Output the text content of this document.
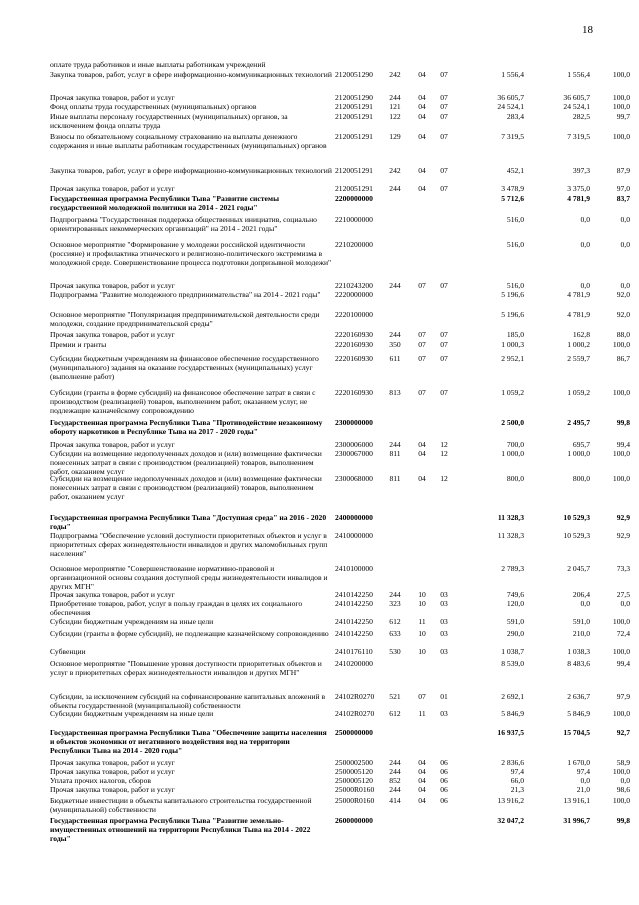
18
оплате труда работников и иные выплаты работникам учреждений
Закупка товаров, работ, услуг в сфере информационно-коммуникационных технологий 2120051290	242	04	07	1 556,4	1 556,4	100,0
Прочая закупка товаров, работ и услуг	2120051290	244	04	07	36 605,7	36 605,7	100,0
Фонд оплаты труда государственных (муниципальных) органов	2120051291	121	04	07	24 524,1	24 524,1	100,0
Иные выплаты персоналу государственных (муниципальных) органов, за исключением фонда оплаты труда
2120051291	122	04	07	283,4	282,5	99,7
Взносы по обязательному социальному страхованию на выплаты денежного содержания и иные выплаты работникам государственных (муниципальных) органов
2120051291	129	04	07	7 319,5	7 319,5	100,0
Закупка товаров, работ, услуг в сфере информационно-коммуникационных технологий 2120051291	242	04	07	452,1	397,3	87,9
Прочая закупка товаров, работ и услуг	2120051291	244	04	07	3 478,9	3 375,0	97,0
Государственная программа Республики Тыва "Развитие системы государственной молодежной политики на 2014 - 2021 годы"
2200000000	5 712,6	4 781,9	83,7
Подпрограмма "Государственная поддержка общественных инициатив, социально ориентированных некоммерческих организаций" на 2014 - 2021 годы"
2210000000	516,0	0,0	0,0
Основное мероприятие "Формирование у молодежи российской идентичности (россияне) и профилактика этнического и религиозно-политического экстремизма в молодежной среде. Совершенствование процесса подготовки допризывной молодежи"
2210200000	516,0	0,0	0,0
Прочая закупка товаров, работ и услуг	2210243200	244	07	07	516,0	0,0	0,0
Подпрограмма "Развитие молодежного предпринимательства" на 2014 - 2021 годы"	2220000000	5 196,6	4 781,9	92,0
Основное мероприятие "Популяризация предпринимательской деятельности среди молодежи, создание предпринимательской среды"
2220100000	5 196,6	4 781,9	92,0
Прочая закупка товаров, работ и услуг	2220160930	244	07	07	185,0	162,8	88,0
Премии и гранты	2220160930	350	07	07	1 000,3	1 000,2	100,0
Субсидии бюджетным учреждениям на финансовое обеспечение государственного (муниципального) задания на оказание государственных (муниципальных) услуг (выполнение работ)
2220160930	611	07	07	2 952,1	2 559,7	86,7
Субсидии (гранты в форме субсидий) на финансовое обеспечение затрат в связи с производством (реализацией) товаров, выполнением работ, оказанием услуг, не подлежащие казначейскому сопровождению
2220160930	813	07	07	1 059,2	1 059,2	100,0
Государственная программа Республики Тыва "Противодействие незаконному обороту наркотиков в Республике Тыва на 2017 - 2020 годы"
2300000000	2 500,0	2 495,7	99,8
Прочая закупка товаров, работ и услуг	2300006000	244	04	12	700,0	695,7	99,4
Субсидии на возмещение недополученных доходов и (или) возмещение фактически понесенных затрат в связи с производством (реализацией) товаров, выполнением работ, оказанием услуг
2300067000	811	04	12	1 000,0	1 000,0	100,0
Субсидии на возмещение недополученных доходов и (или) возмещение фактически понесенных затрат в связи с производством (реализацией) товаров, выполнением работ, оказанием услуг
2300068000	811	04	12	800,0	800,0	100,0
Государственная программа Республики Тыва "Доступная среда" на 2016 - 2020 годы"
2400000000	11 328,3	10 529,3	92,9
Подпрограмма "Обеспечение условий доступности приоритетных объектов и услуг в приоритетных сферах жизнедеятельности инвалидов и других маломобильных групп населения"
2410000000	11 328,3	10 529,3	92,9
Основное мероприятие "Совершенствование нормативно-правовой и организационной основы создания доступной среды жизнедеятельности инвалидов и других МГН"
2410100000	2 789,3	2 045,7	73,3
Прочая закупка товаров, работ и услуг	2410142250	244	10	03	749,6	206,4	27,5
Приобретение товаров, работ, услуг в пользу граждан в целях их социального обеспечения
2410142250	323	10	03	120,0	0,0	0,0
Субсидии бюджетным учреждениям на иные цели	2410142250	612	11	03	591,0	591,0	100,0
Субсидии (гранты в форме субсидий), не подлежащие казначейскому сопровождению 2410142250	633	10	03	290,0	210,0	72,4
Субвенции	2410176110	530	10	03	1 038,7	1 038,3	100,0
Основное мероприятие "Повышение уровня доступности приоритетных объектов и услуг в приоритетных сферах жизнедеятельности инвалидов и других МГН"
2410200000	8 539,0	8 483,6	99,4
Субсидии, за исключением субсидий на софинансирование капитальных вложений в объекты государственной (муниципальной) собственности
24102R0270	521	07	01	2 692,1	2 636,7	97,9
Субсидии бюджетным учреждениям на иные цели	24102R0270	612	11	03	5 846,9	5 846,9	100,0
Государственная программа Республики Тыва "Обеспечение защиты населения и объектов экономики от негативного воздействия вод на территории Республики Тыва на 2014 - 2020 годы"
2500000000	16 937,5	15 704,5	92,7
Прочая закупка товаров, работ и услуг	2500002500	244	04	06	2 836,6	1 670,0	58,9
Прочая закупка товаров, работ и услуг	2500005120	244	04	06	97,4	97,4	100,0
Уплата прочих налогов, сборов	2500005120	852	04	06	66,0	0,0	0,0
Прочая закупка товаров, работ и услуг	25000R0160	244	04	06	21,3	21,0	98,6
Бюджетные инвестиции в объекты капитального строительства государственной (муниципальной) собственности
25000R0160	414	04	06	13 916,2	13 916,1	100,0
Государственная программа Республики Тыва "Развитие земельно-имущественных отношений на территории Республики Тыва на 2014 - 2022 годы"
2600000000	32 047,2	31 996,7	99,8
